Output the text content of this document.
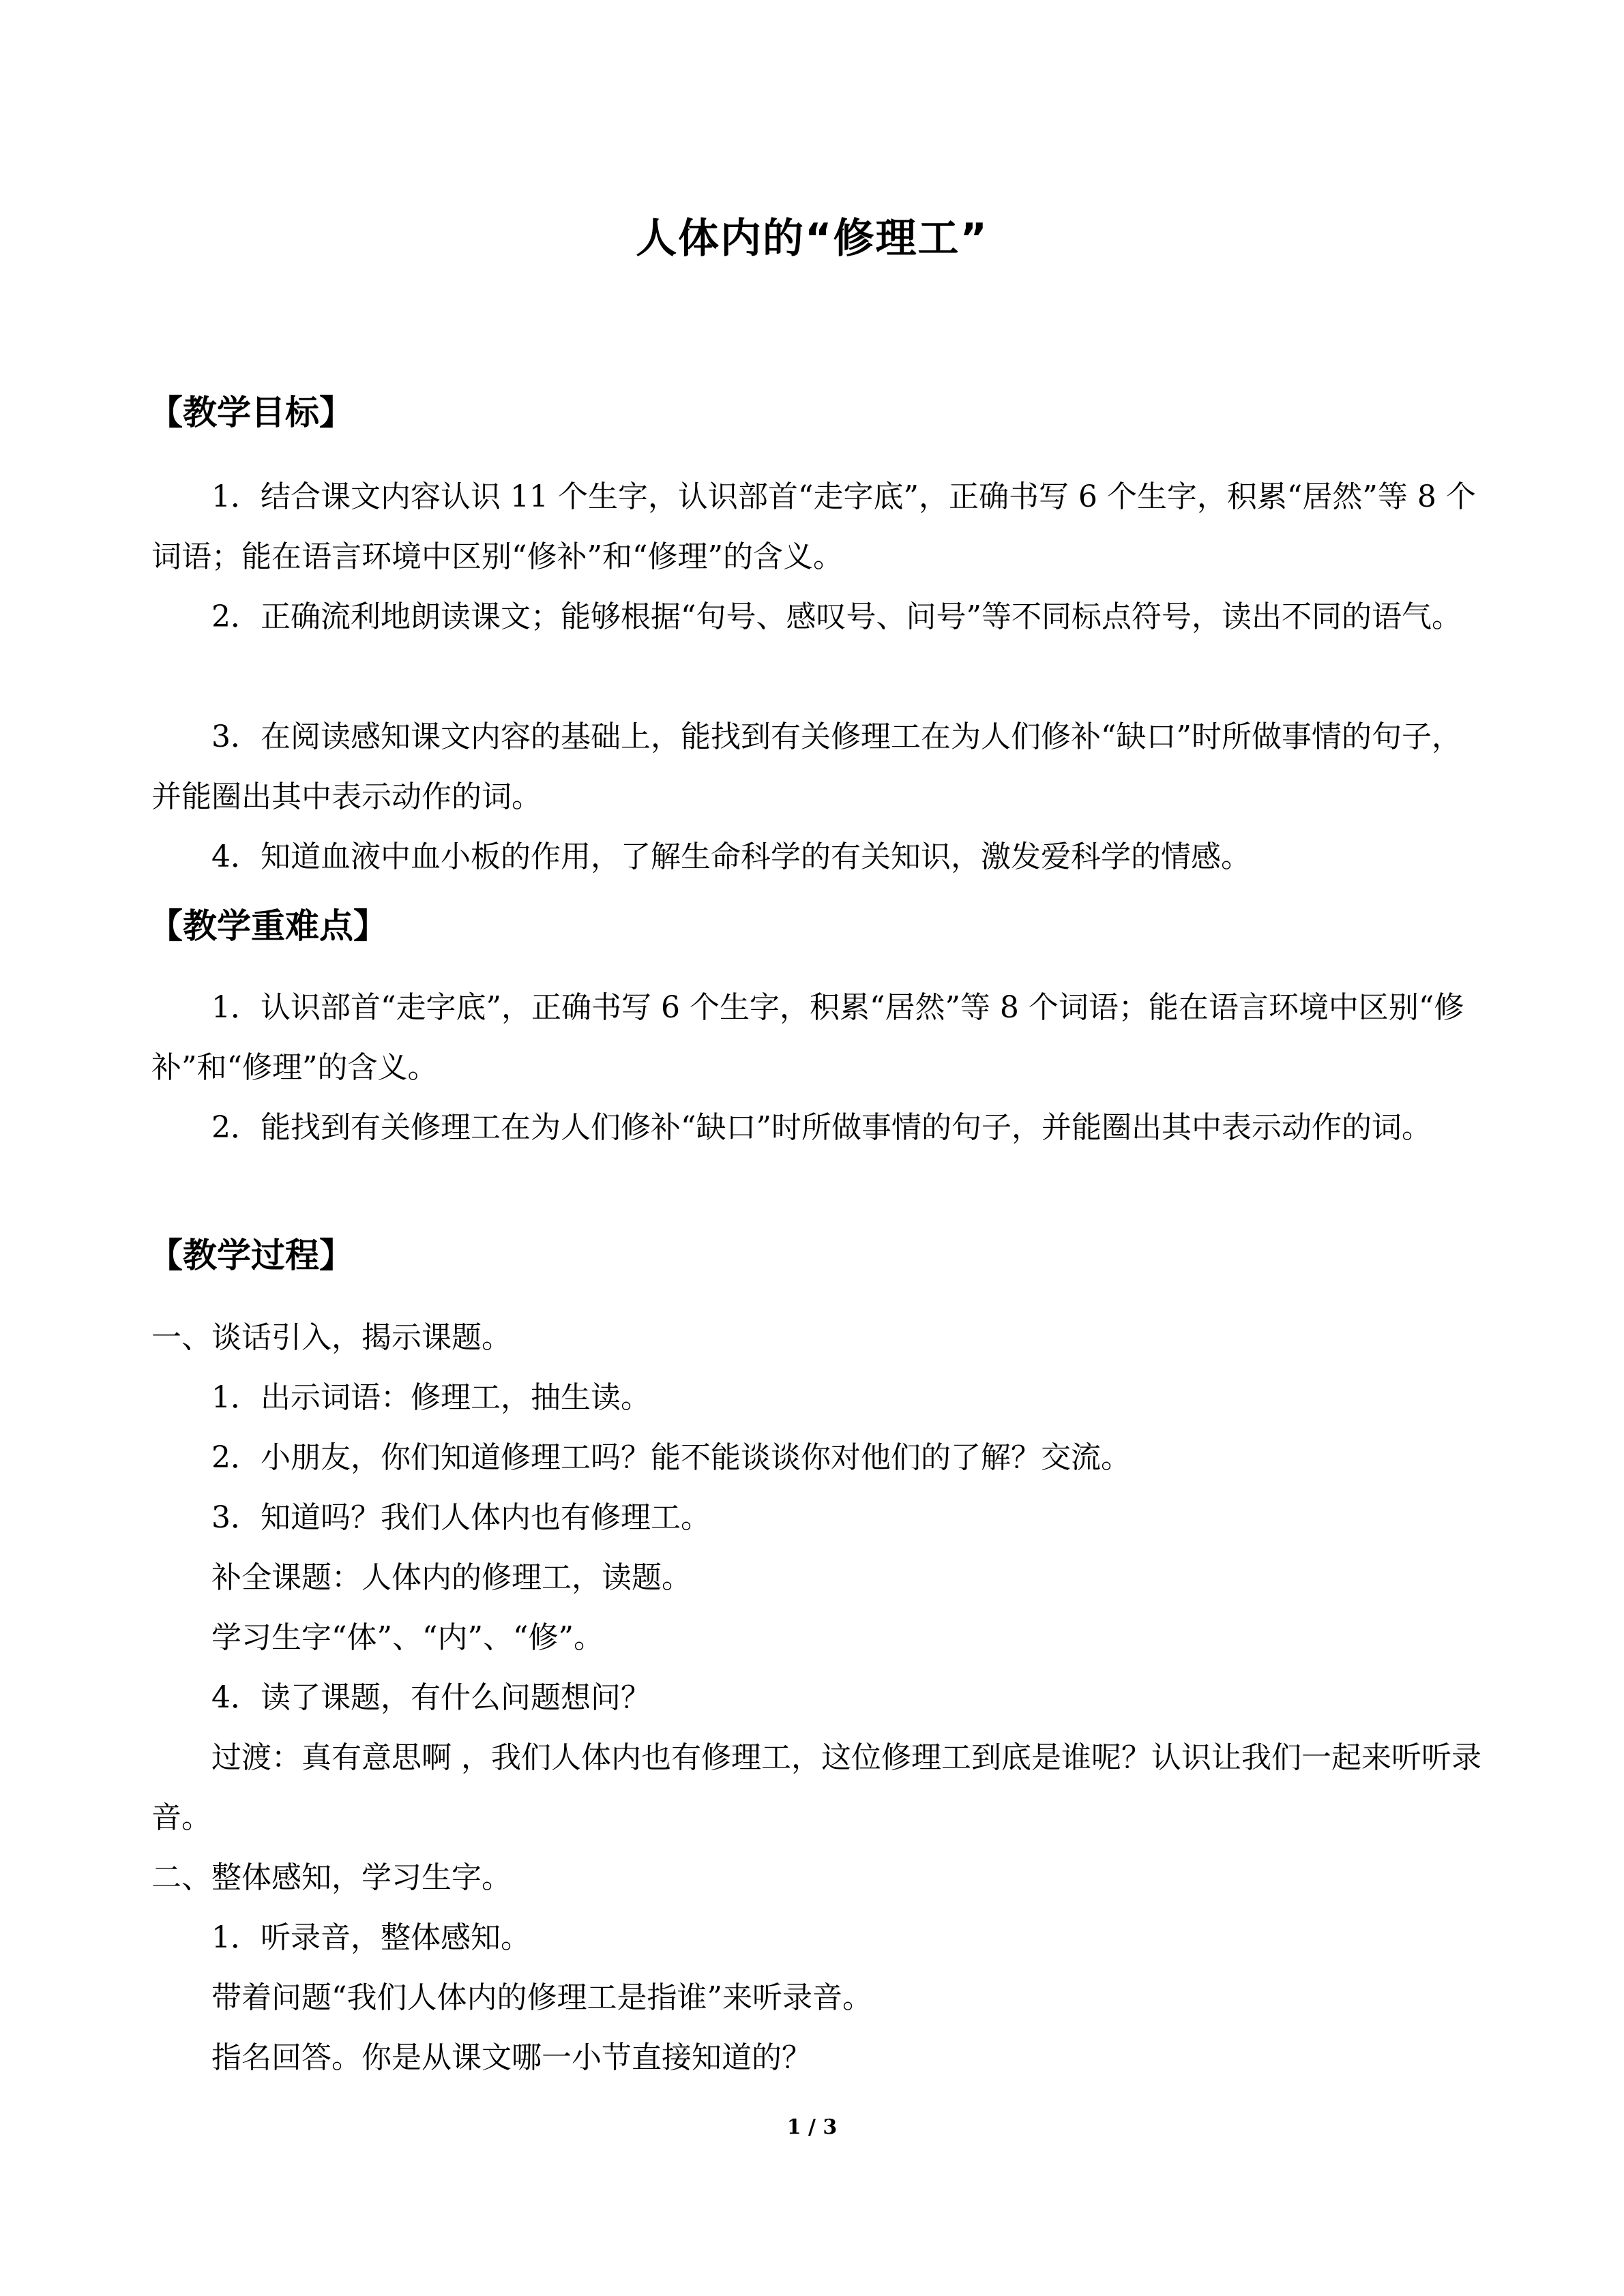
人体内的“修理工”
【教学目标】

1．结合课文内容认识 11 个生字，认识部首“走字底”，正确书写 6 个生字，积累“居然”等 8 个词语；能在语言环境中区别“修补”和“修理”的含义。

2．正确流利地朗读课文；能够根据“句号、感叹号、问号”等不同标点符号，读出不同的语气。

3．在阅读感知课文内容的基础上，能找到有关修理工在为人们修补“缺口”时所做事情的句子，并能圈出其中表示动作的词。

4．知道血液中血小板的作用，了解生命科学的有关知识，激发爱科学的情感。

【教学重难点】

1．认识部首“走字底”，正确书写 6 个生字，积累“居然”等 8 个词语；能在语言环境中区别“修补”和“修理”的含义。

2．能找到有关修理工在为人们修补“缺口”时所做事情的句子，并能圈出其中表示动作的词。

【教学过程】

一、谈话引入，揭示课题。

1．出示词语：修理工，抽生读。

2．小朋友，你们知道修理工吗？能不能谈谈你对他们的了解？交流。

3．知道吗？我们人体内也有修理工。

补全课题：人体内的修理工，读题。

学习生字“体”、“内”、“修”。

4．读了课题，有什么问题想问？

过渡：真有意思啊 ，我们人体内也有修理工，这位修理工到底是谁呢？认识让我们一起来听听录音。

二、整体感知，学习生字。

1．听录音，整体感知。

带着问题“我们人体内的修理工是指谁”来听录音。

指名回答。你是从课文哪一小节直接知道的？

1 / 3
